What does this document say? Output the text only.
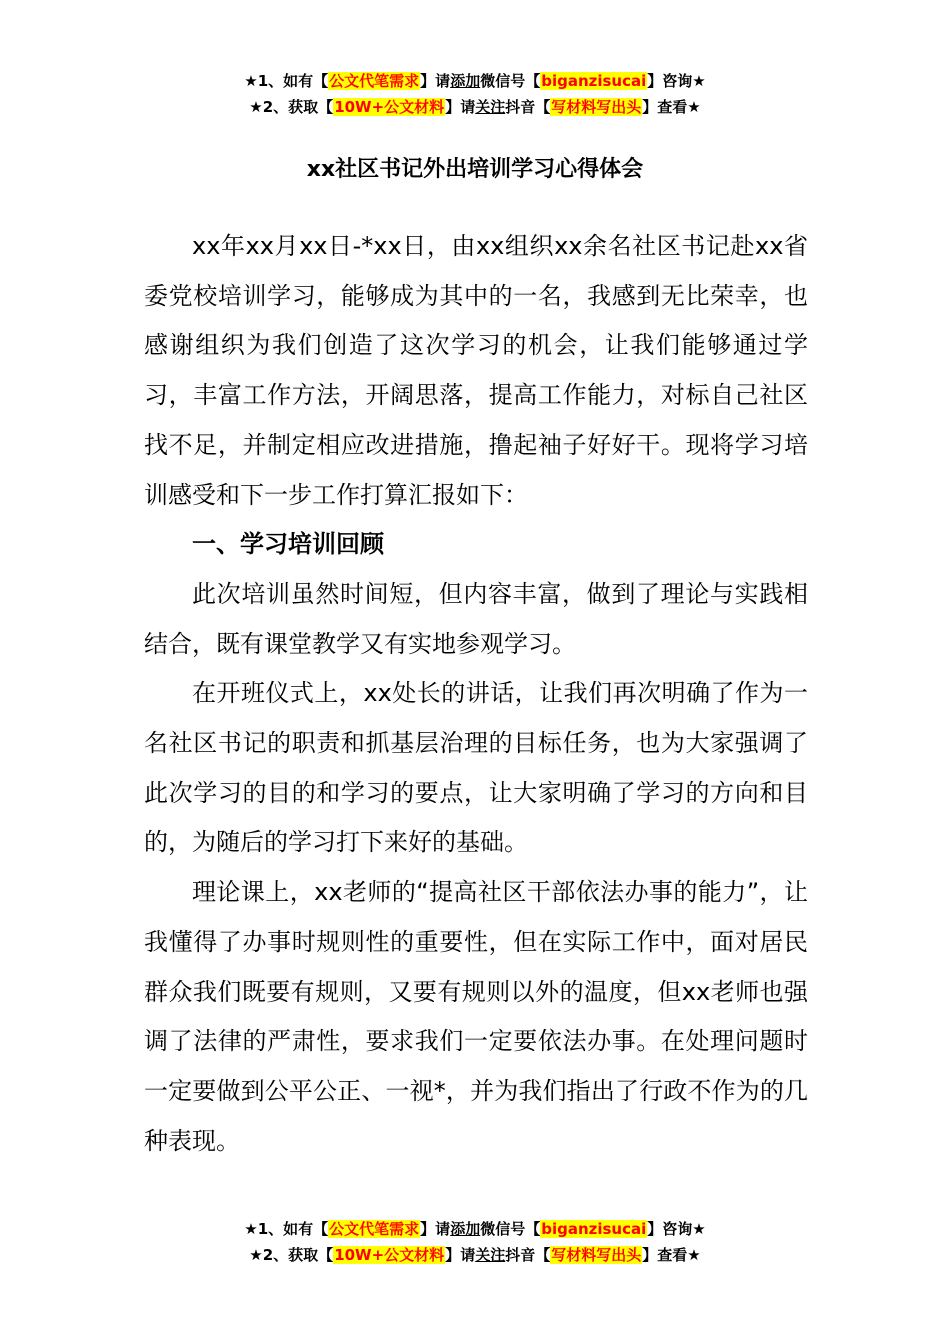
★1、如有【公文代笔需求】请添加微信号【biganzisucai】咨询★
★2、获取【10W+公文材料】请关注抖音【写材料写出头】查看★
xx社区书记外出培训学习心得体会

xx年xx月xx日-*xx日，由xx组织xx余名社区书记赴xx省委党校培训学习，能够成为其中的一名，我感到无比荣幸，也感谢组织为我们创造了这次学习的机会，让我们能够通过学习，丰富工作方法，开阔思落，提高工作能力，对标自己社区找不足，并制定相应改进措施，撸起袖子好好干。现将学习培训感受和下一步工作打算汇报如下：

一、学习培训回顾

此次培训虽然时间短，但内容丰富，做到了理论与实践相结合，既有课堂教学又有实地参观学习。

在开班仪式上，xx处长的讲话，让我们再次明确了作为一名社区书记的职责和抓基层治理的目标任务，也为大家强调了此次学习的目的和学习的要点，让大家明确了学习的方向和目的，为随后的学习打下来好的基础。

理论课上，xx老师的“提高社区干部依法办事的能力”，让我懂得了办事时规则性的重要性，但在实际工作中，面对居民群众我们既要有规则，又要有规则以外的温度，但xx老师也强调了法律的严肃性，要求我们一定要依法办事。在处理问题时一定要做到公平公正、一视*，并为我们指出了行政不作为的几种表现。

★1、如有【公文代笔需求】请添加微信号【biganzisucai】咨询★
★2、获取【10W+公文材料】请关注抖音【写材料写出头】查看★
